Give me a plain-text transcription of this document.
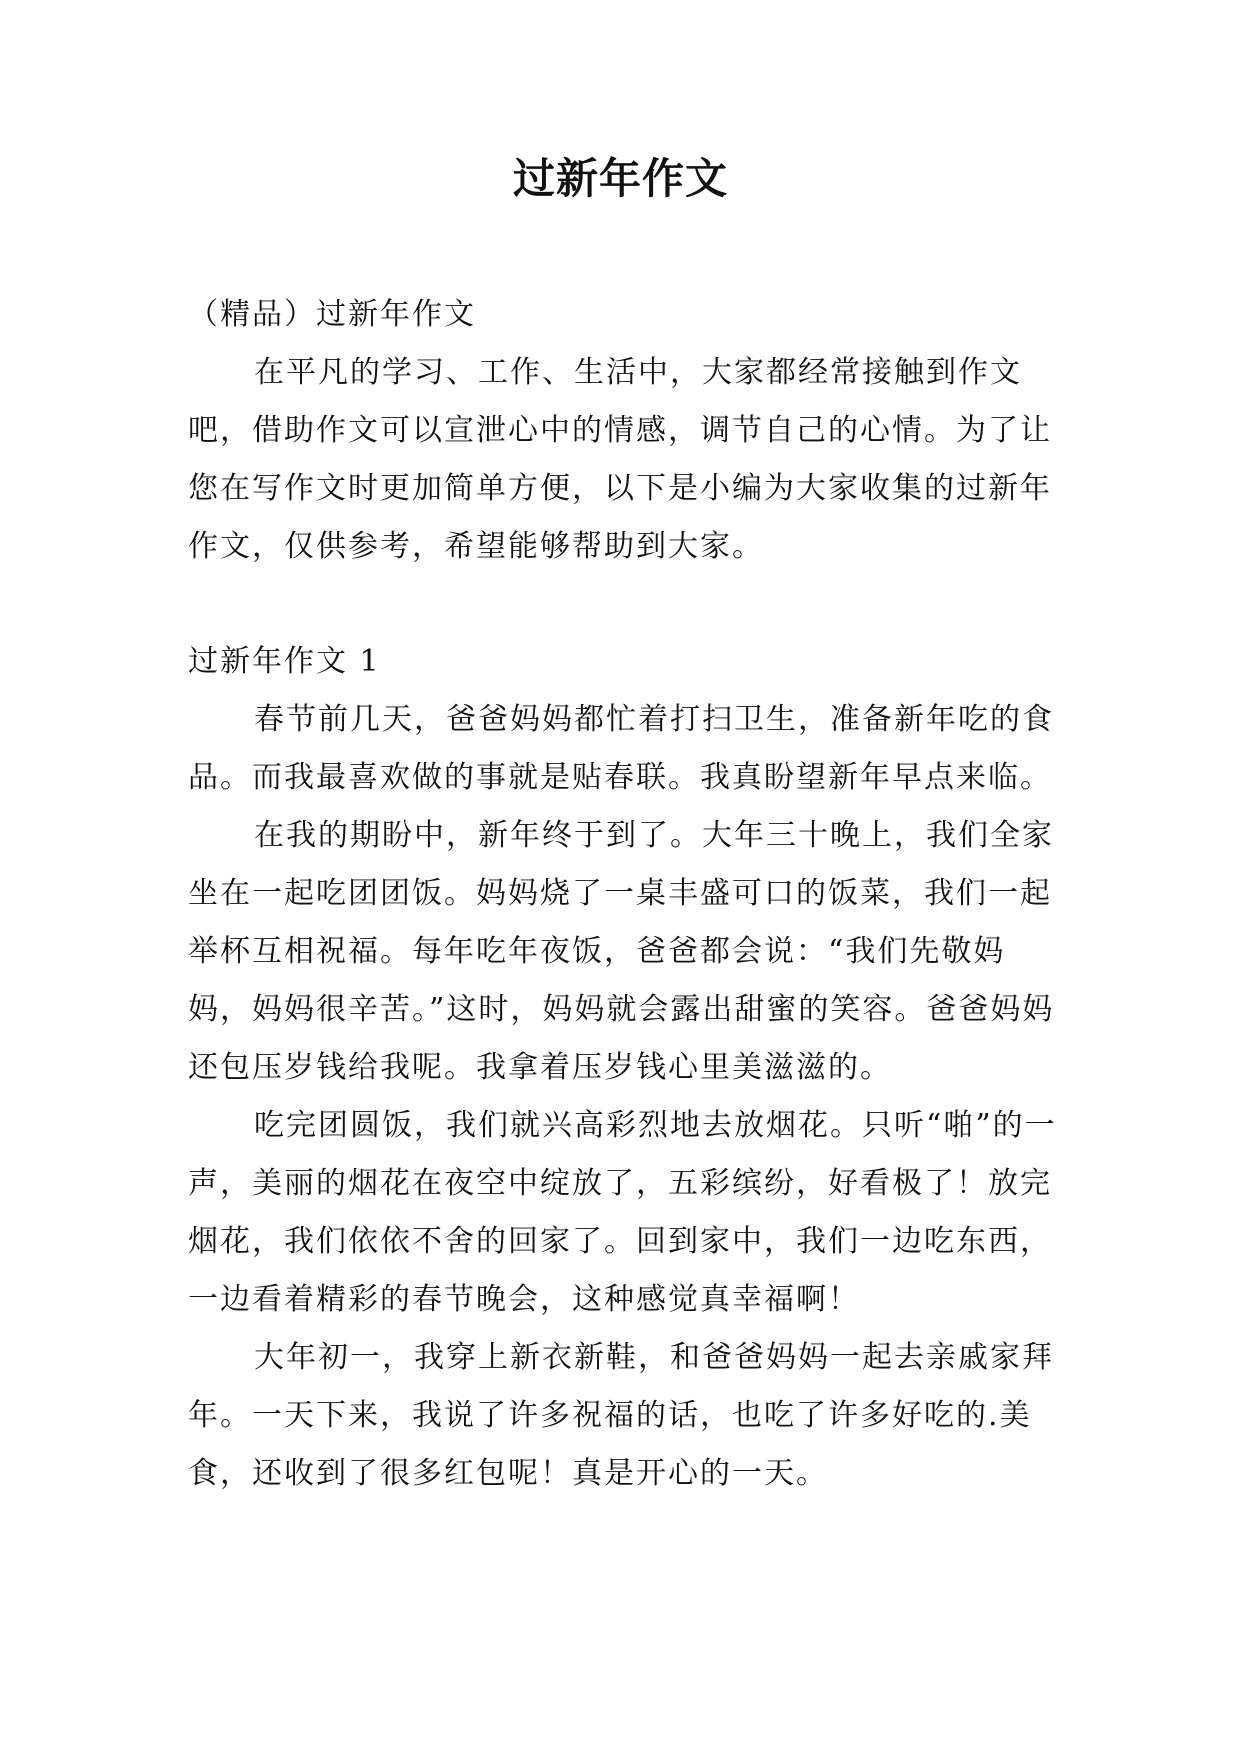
过新年作文
（精品）过新年作文

在平凡的学习、工作、生活中，大家都经常接触到作文吧，借助作文可以宣泄心中的情感，调节自己的心情。为了让您在写作文时更加简单方便，以下是小编为大家收集的过新年作文，仅供参考，希望能够帮助到大家。

过新年作文 1

春节前几天，爸爸妈妈都忙着打扫卫生，准备新年吃的食品。而我最喜欢做的事就是贴春联。我真盼望新年早点来临。

在我的期盼中，新年终于到了。大年三十晚上，我们全家坐在一起吃团团饭。妈妈烧了一桌丰盛可口的饭菜，我们一起举杯互相祝福。每年吃年夜饭，爸爸都会说：“我们先敬妈妈，妈妈很辛苦。”这时，妈妈就会露出甜蜜的笑容。爸爸妈妈还包压岁钱给我呢。我拿着压岁钱心里美滋滋的。

吃完团圆饭，我们就兴高彩烈地去放烟花。只听“啪”的一声，美丽的烟花在夜空中绽放了，五彩缤纷，好看极了！放完烟花，我们依依不舍的回家了。回到家中，我们一边吃东西，一边看着精彩的春节晚会，这种感觉真幸福啊！

大年初一，我穿上新衣新鞋，和爸爸妈妈一起去亲戚家拜年。一天下来，我说了许多祝福的话，也吃了许多好吃的.美食，还收到了很多红包呢！真是开心的一天。
